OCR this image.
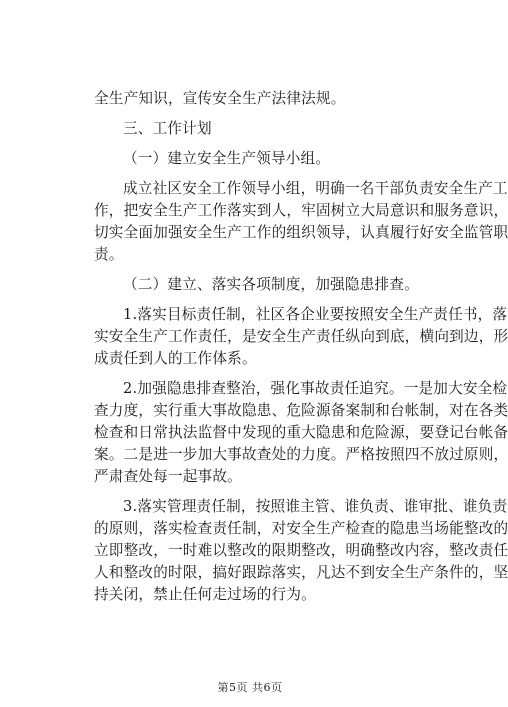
全生产知识，宣传安全生产法律法规。
三、工作计划
（一）建立安全生产领导小组。
成 立 社 区 安 全 工 作 领 导 小 组 ， 明 确 一 名 干 部 负 责 安 全 生 产 工
作 ， 把 安 全 生 产 工 作 落 实 到 人 ， 牢 固 树 立 大 局 意 识 和 服 务 意 识 ，
切 实 全 面 加 强 安 全 生 产 工 作 的 组 织 领 导 ， 认 真 履 行 好 安 全 监 管 职
责。
（二）建立、落实各项制度，加强隐患排查。
1 . 落 实 目 标 责 任 制 ， 社 区 各 企 业 要 按 照 安 全 生 产 责 任 书 ， 落
实 安 全 生 产 工 作 责 任 ， 是 安 全 生 产 责 任 纵 向 到 底 ， 横 向 到 边 ， 形
成责任到人的工作体系。
2 . 加 强 隐 患 排 查 整 治 ， 强 化 事 故 责 任 追 究 。 一 是 加 大 安 全 检
查 力 度 ， 实 行 重 大 事 故 隐 患 、 危 险 源 备 案 制 和 台 帐 制 ， 对 在 各 类
检 查 和 日 常 执 法 监 督 中 发 现 的 重 大 隐 患 和 危 险 源 ， 要 登 记 台 帐 备
案 。 二 是 进 一 步 加 大 事 故 查 处 的 力 度 。 严 格 按 照 四 不 放 过 原 则 ，
严肃查处每一起事故。
3 . 落 实 管 理 责 任 制 ， 按 照 谁 主 管 、 谁 负 责 、 谁 审 批 、 谁 负 责
的 原 则 ， 落 实 检 查 责 任 制 ， 对 安 全 生 产 检 查 的 隐 患 当 场 能 整 改 的
立 即 整 改 ， 一 时 难 以 整 改 的 限 期 整 改 ， 明 确 整 改 内 容 ， 整 改 责 任
人 和 整 改 的 时 限 ， 搞 好 跟 踪 落 实 ， 凡 达 不 到 安 全 生 产 条 件 的 ， 坚
持关闭，禁止任何走过场的行为。
第5页 共6页
